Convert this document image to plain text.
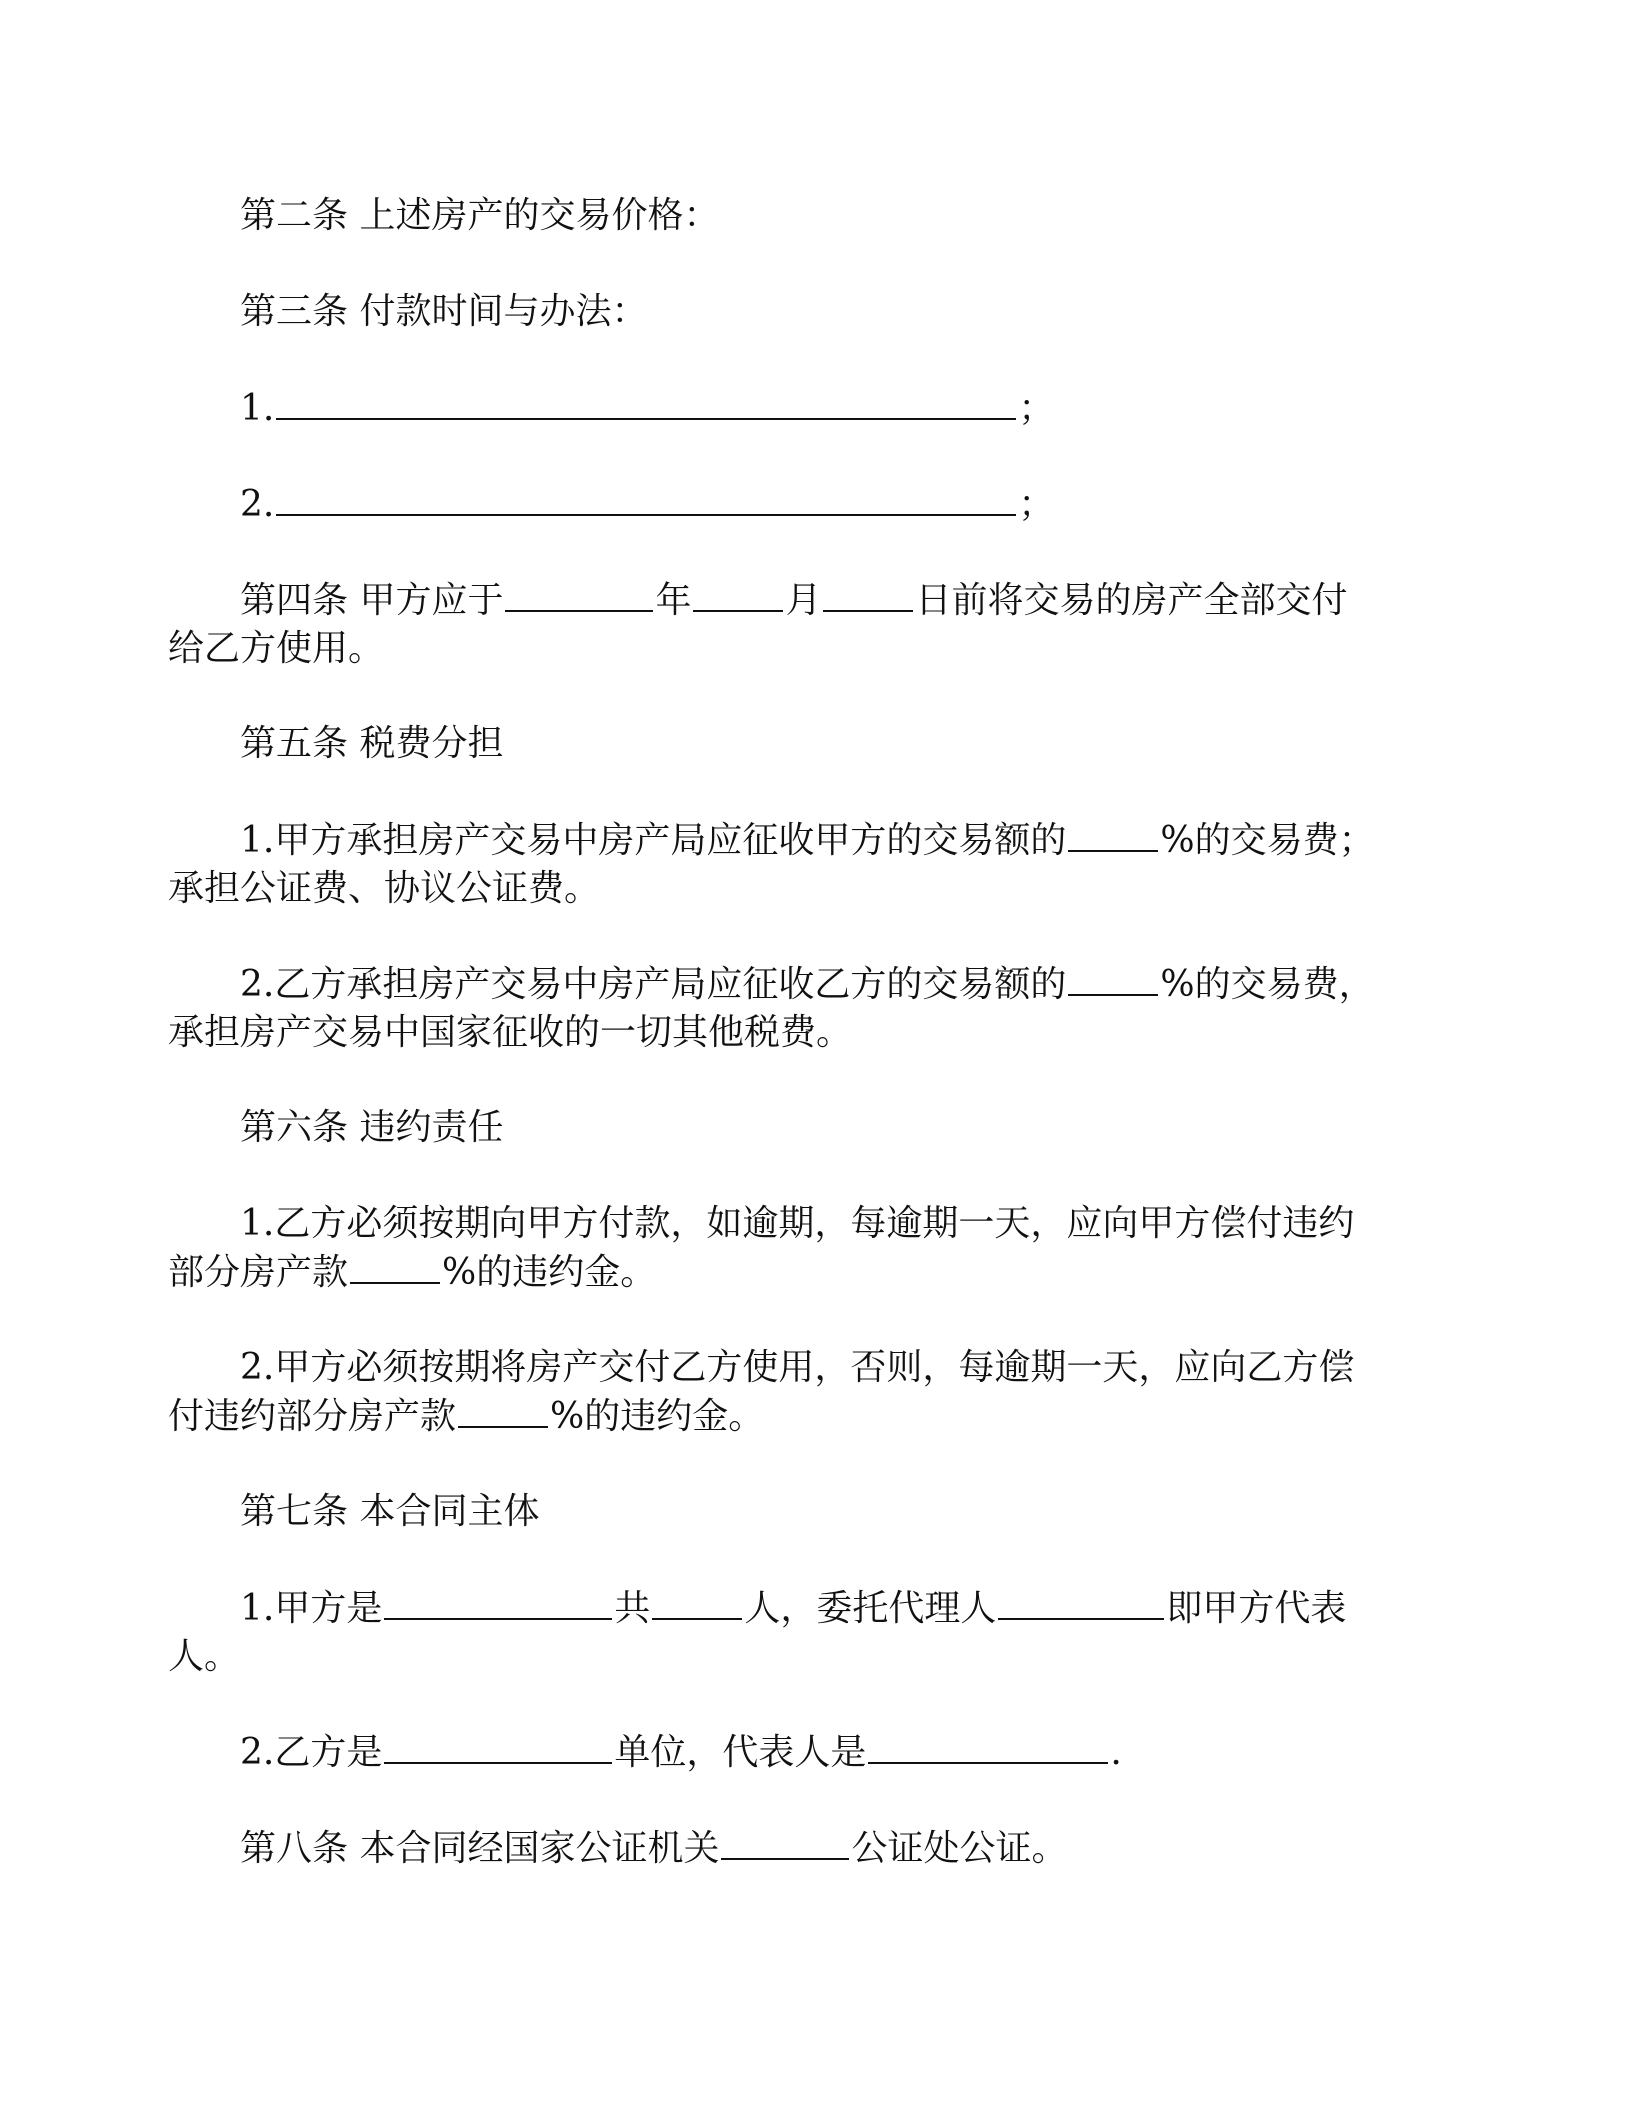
第二条 上述房产的交易价格：
第三条 付款时间与办法：
1.	；
2.	；
第四条 甲方应于	年	月	日前将交易的房产全部交付给乙方使用。
第五条 税费分担
1.甲方承担房产交易中房产局应征收甲方的交易额的	%的交易费；承担公证费、协议公证费。
2.乙方承担房产交易中房产局应征收乙方的交易额的	%的交易费，承担房产交易中国家征收的一切其他税费。
第六条 违约责任
1.乙方必须按期向甲方付款，如逾期，每逾期一天，应向甲方偿付违约部分房产款	%的违约金。
2.甲方必须按期将房产交付乙方使用，否则，每逾期一天，应向乙方偿付违约部分房产款	%的违约金。
第七条 本合同主体
1.甲方是	共	人，委托代理人	即甲方代表人。
2.乙方是	单位，代表人是	.
第八条 本合同经国家公证机关	公证处公证。
